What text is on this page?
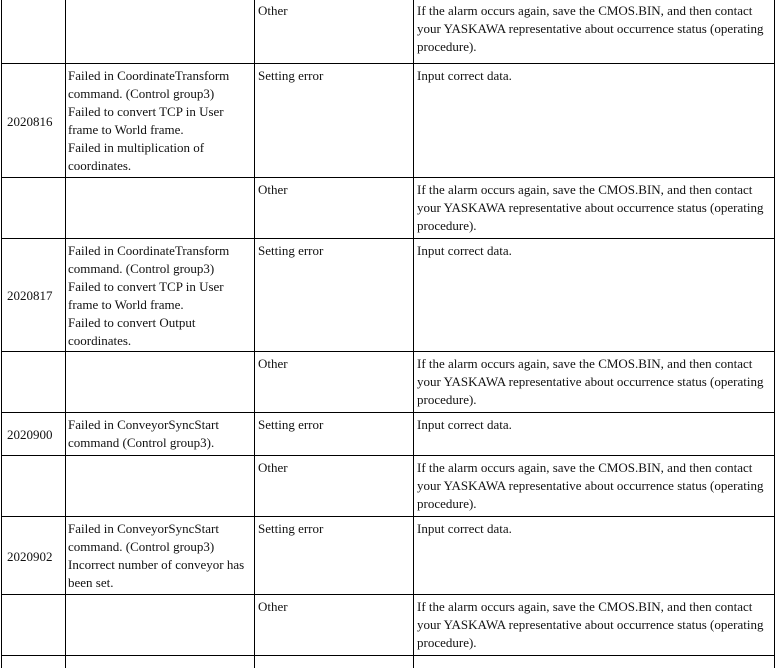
		Other	If the alarm occurs again, save the CMOS.BIN, and then contact your YASKAWA representative about occurrence status (operating procedure).
2020816	Failed in CoordinateTransform command. (Control group3)
Failed to convert TCP in User frame to World frame.
Failed in multiplication of coordinates.	Setting error	Input correct data.
		Other	If the alarm occurs again, save the CMOS.BIN, and then contact your YASKAWA representative about occurrence status (operating procedure).
2020817	Failed in CoordinateTransform command. (Control group3)
Failed to convert TCP in User frame to World frame.
Failed to convert Output coordinates.	Setting error	Input correct data.
		Other	If the alarm occurs again, save the CMOS.BIN, and then contact your YASKAWA representative about occurrence status (operating procedure).
2020900	Failed in ConveyorSyncStart command (Control group3).	Setting error	Input correct data.
		Other	If the alarm occurs again, save the CMOS.BIN, and then contact your YASKAWA representative about occurrence status (operating procedure).
2020902	Failed in ConveyorSyncStart command. (Control group3)
Incorrect number of conveyor has been set.	Setting error	Input correct data.
		Other	If the alarm occurs again, save the CMOS.BIN, and then contact your YASKAWA representative about occurrence status (operating procedure).
